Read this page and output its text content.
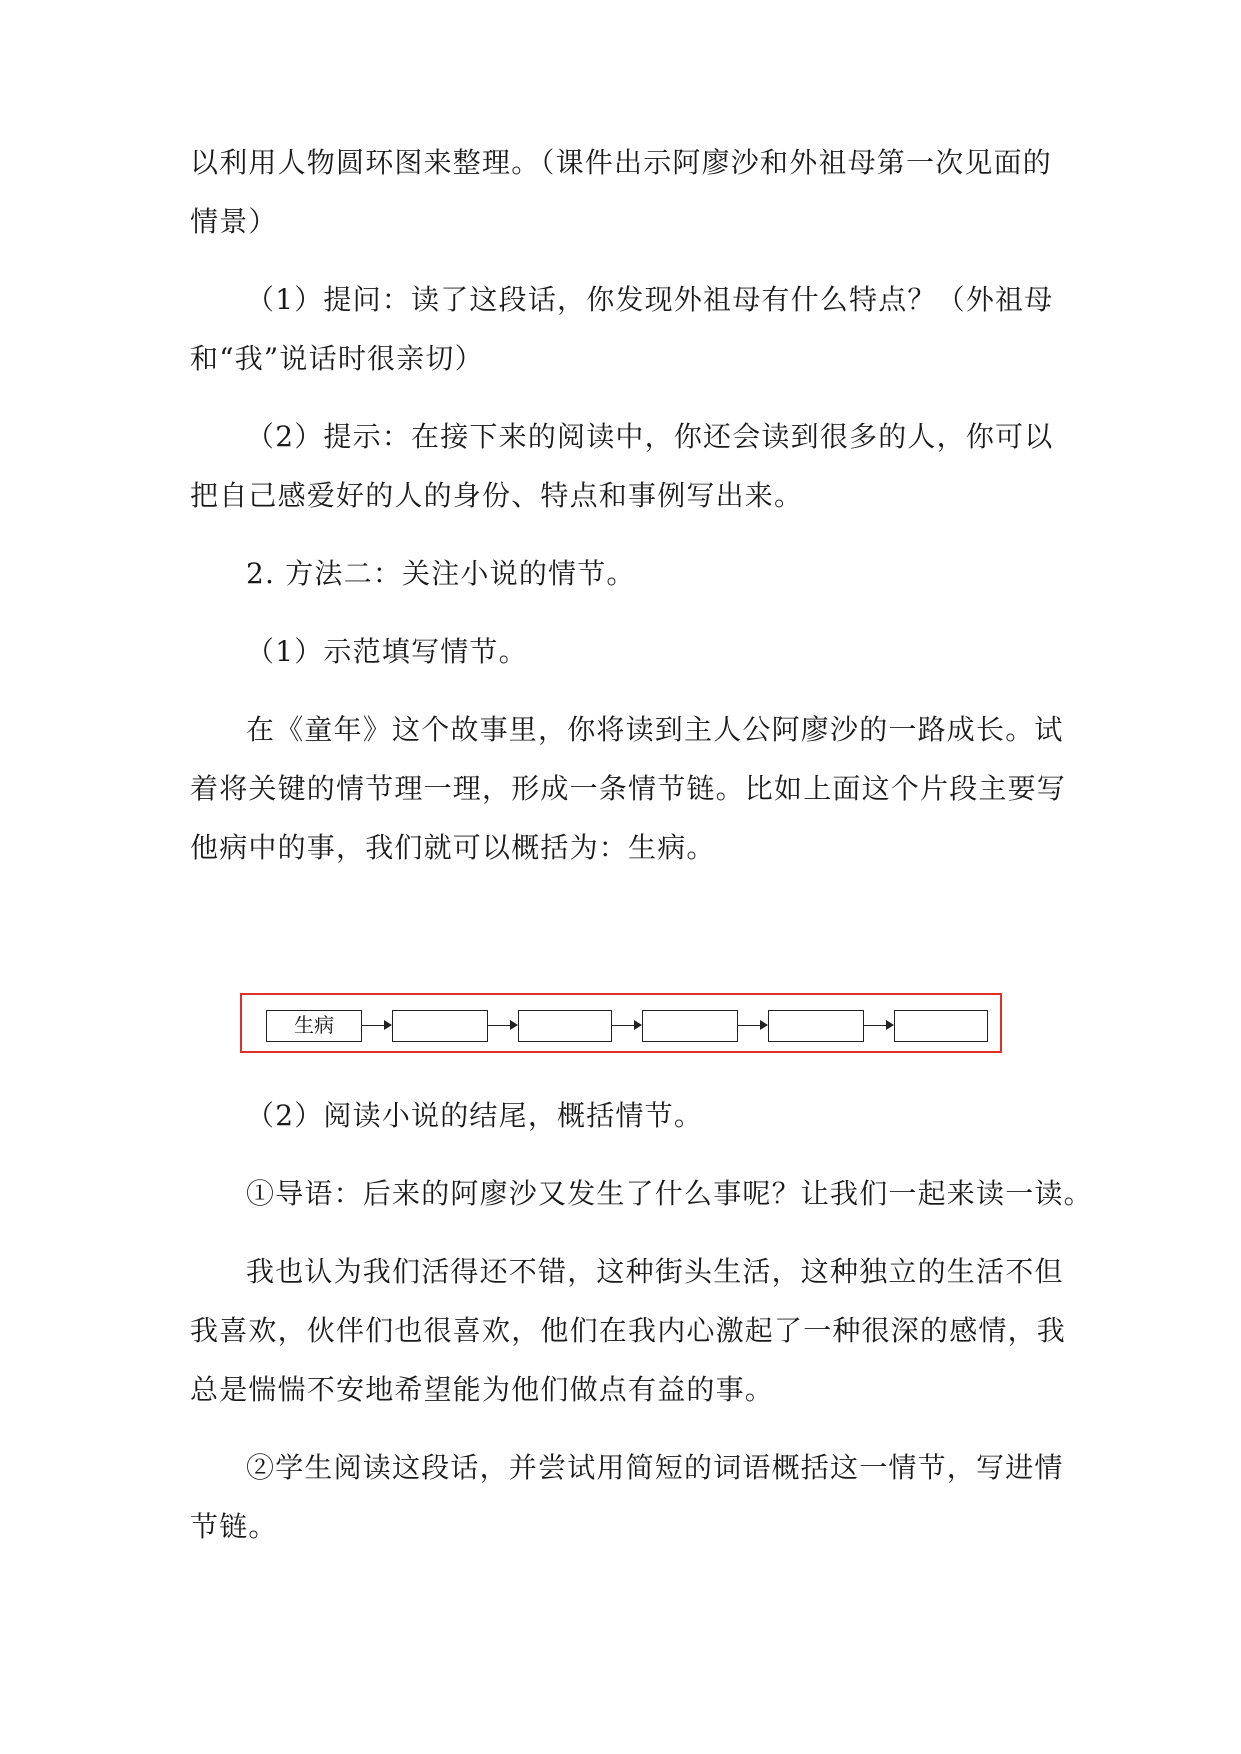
以利用人物圆环图来整理。（课件出示阿廖沙和外祖母第一次见面的
情景）
（1）提问：读了这段话，你发现外祖母有什么特点？（外祖母
和“我”说话时很亲切）
（2）提示：在接下来的阅读中，你还会读到很多的人，你可以
把自己感爱好的人的身份、特点和事例写出来。
2. 方法二：关注小说的情节。
（1）示范填写情节。
在《童年》这个故事里，你将读到主人公阿廖沙的一路成长。试
着将关键的情节理一理，形成一条情节链。比如上面这个片段主要写
他病中的事，我们就可以概括为：生病。
生病
（2）阅读小说的结尾，概括情节。
①导语：后来的阿廖沙又发生了什么事呢？让我们一起来读一读。
我也认为我们活得还不错，这种街头生活，这种独立的生活不但
我喜欢，伙伴们也很喜欢，他们在我内心激起了一种很深的感情，我
总是惴惴不安地希望能为他们做点有益的事。
②学生阅读这段话，并尝试用简短的词语概括这一情节，写进情
节链。
